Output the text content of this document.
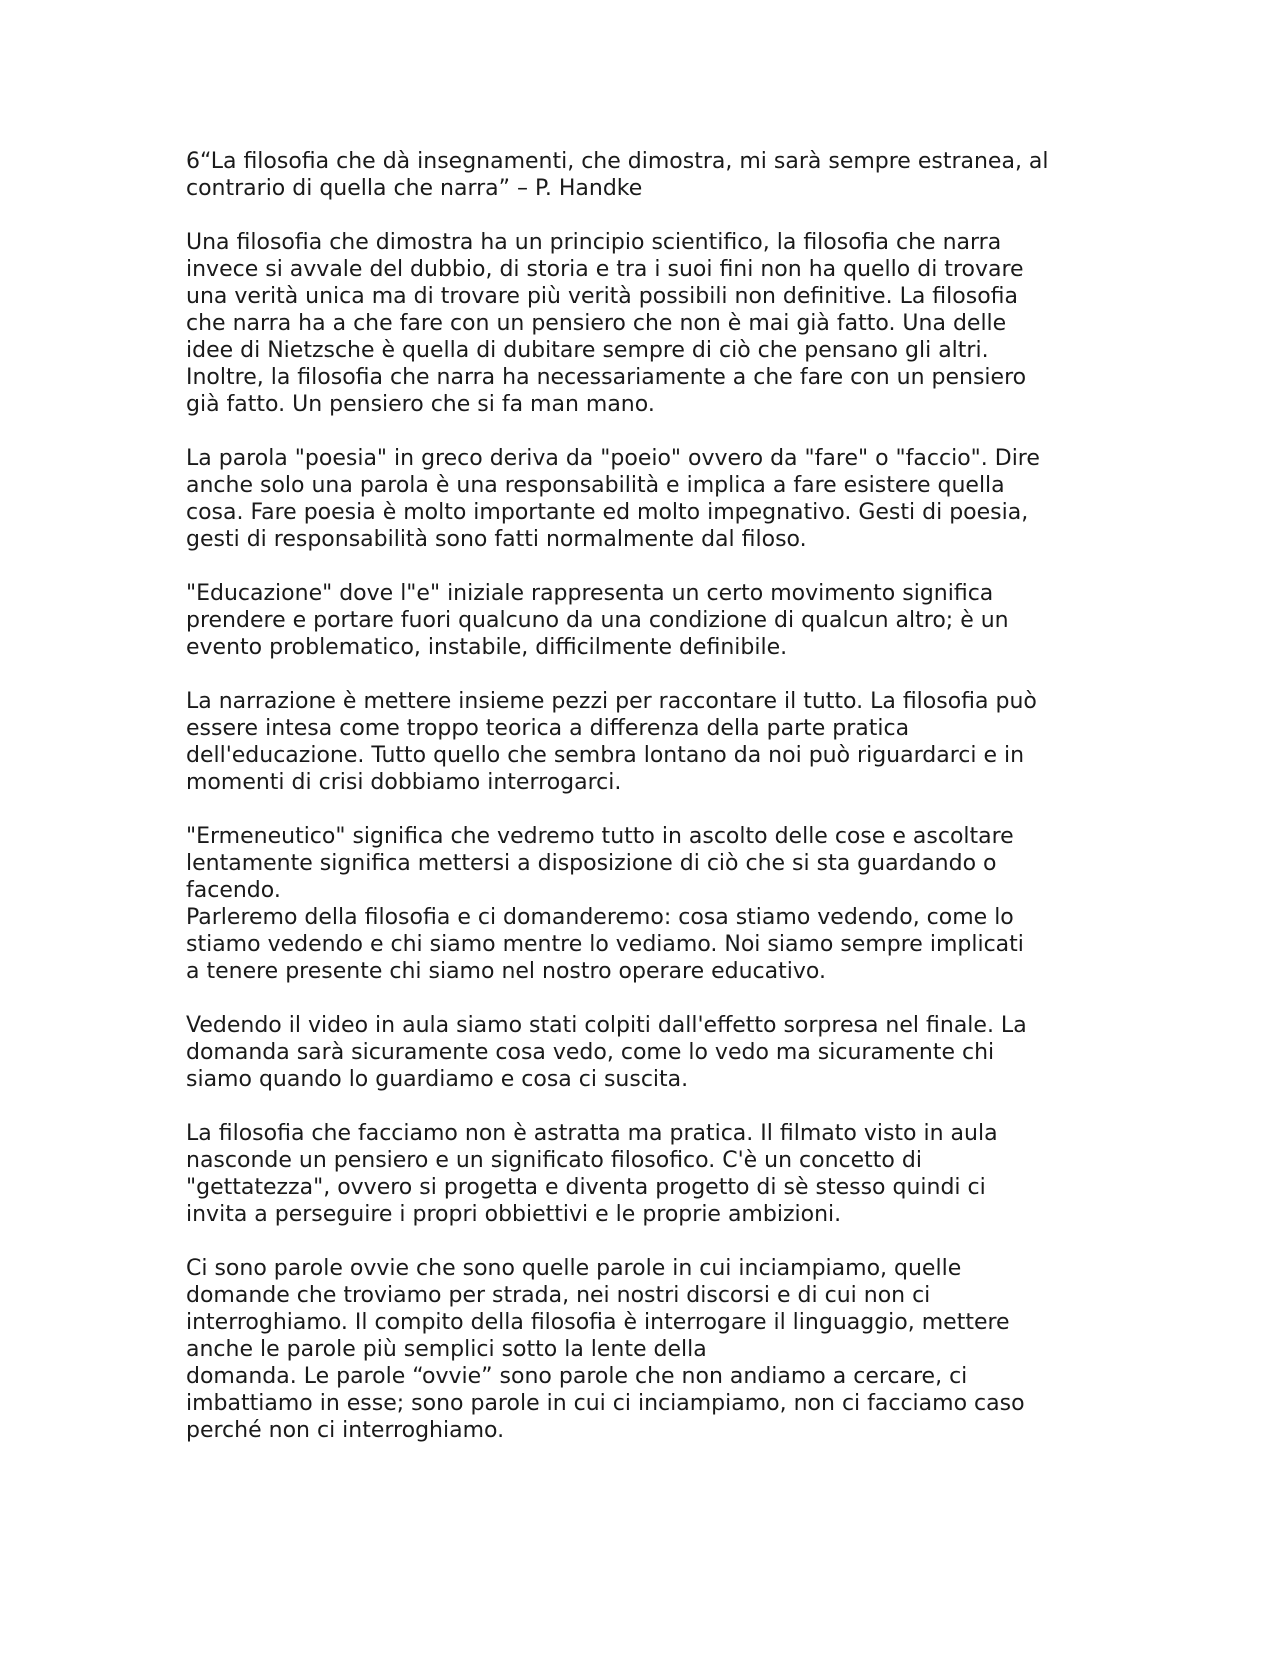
6“La filosofia che dà insegnamenti, che dimostra, mi sarà sempre estranea, al
contrario di quella che narra” – P. Handke

Una filosofia che dimostra ha un principio scientifico, la filosofia che narra
invece si avvale del dubbio, di storia e tra i suoi fini non ha quello di trovare
una verità unica ma di trovare più verità possibili non definitive. La filosofia
che narra ha a che fare con un pensiero che non è mai già fatto. Una delle
idee di Nietzsche è quella di dubitare sempre di ciò che pensano gli altri.
Inoltre, la filosofia che narra ha necessariamente a che fare con un pensiero
già fatto. Un pensiero che si fa man mano.

La parola "poesia" in greco deriva da "poeio" ovvero da "fare" o "faccio". Dire
anche solo una parola è una responsabilità e implica a fare esistere quella
cosa. Fare poesia è molto importante ed molto impegnativo. Gesti di poesia,
gesti di responsabilità sono fatti normalmente dal filoso.

"Educazione" dove l"e" iniziale rappresenta un certo movimento significa
prendere e portare fuori qualcuno da una condizione di qualcun altro; è un
evento problematico, instabile, difficilmente definibile.

La narrazione è mettere insieme pezzi per raccontare il tutto. La filosofia può
essere intesa come troppo teorica a differenza della parte pratica
dell'educazione. Tutto quello che sembra lontano da noi può riguardarci e in
momenti di crisi dobbiamo interrogarci.

"Ermeneutico" significa che vedremo tutto in ascolto delle cose e ascoltare
lentamente significa mettersi a disposizione di ciò che si sta guardando o
facendo.

Parleremo della filosofia e ci domanderemo: cosa stiamo vedendo, come lo
stiamo vedendo e chi siamo mentre lo vediamo. Noi siamo sempre implicati
a tenere presente chi siamo nel nostro operare educativo.

Vedendo il video in aula siamo stati colpiti dall'effetto sorpresa nel finale. La
domanda sarà sicuramente cosa vedo, come lo vedo ma sicuramente chi
siamo quando lo guardiamo e cosa ci suscita.

La filosofia che facciamo non è astratta ma pratica. Il filmato visto in aula
nasconde un pensiero e un significato filosofico. C'è un concetto di
"gettatezza", ovvero si progetta e diventa progetto di sè stesso quindi ci
invita a perseguire i propri obbiettivi e le proprie ambizioni.

Ci sono parole ovvie che sono quelle parole in cui inciampiamo, quelle
domande che troviamo per strada, nei nostri discorsi e di cui non ci
interroghiamo. Il compito della filosofia è interrogare il linguaggio, mettere
anche le parole più semplici sotto la lente della
domanda. Le parole “ovvie” sono parole che non andiamo a cercare, ci
imbattiamo in esse; sono parole in cui ci inciampiamo, non ci facciamo caso
perché non ci interroghiamo.
